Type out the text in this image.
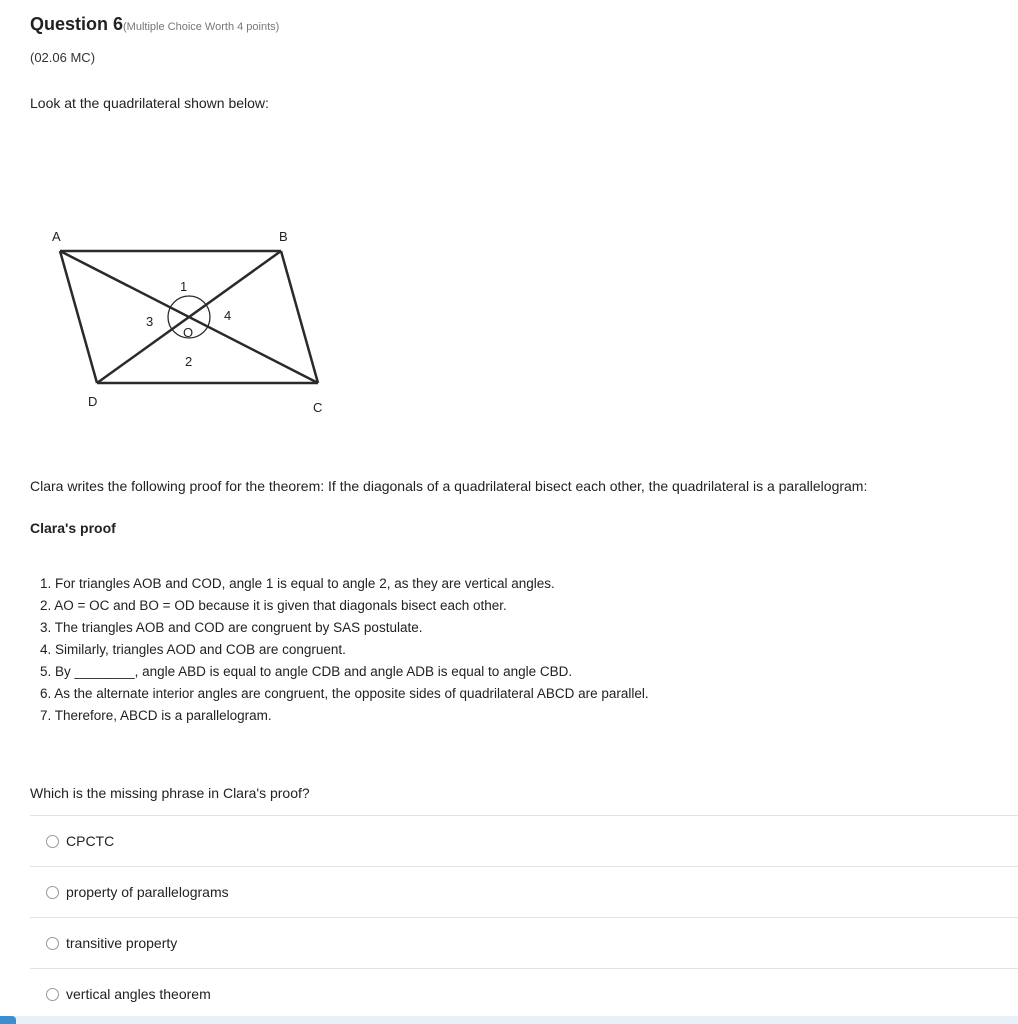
Question 6(Multiple Choice Worth 4 points)
(02.06 MC)
Look at the quadrilateral shown below:
A	B
C
D
O
1
2
3	4
Clara writes the following proof for the theorem: If the diagonals of a quadrilateral bisect each other, the quadrilateral is a parallelogram:
Clara's proof
1. For triangles AOB and COD, angle 1 is equal to angle 2, as they are vertical angles.
2. AO = OC and BO = OD because it is given that diagonals bisect each other.
3. The triangles AOB and COD are congruent by SAS postulate.
4. Similarly, triangles AOD and COB are congruent.
5. By ________, angle ABD is equal to angle CDB and angle ADB is equal to angle CBD.
6. As the alternate interior angles are congruent, the opposite sides of quadrilateral ABCD are parallel.
7. Therefore, ABCD is a parallelogram.
Which is the missing phrase in Clara's proof?
CPCTC
property of parallelograms
transitive property
vertical angles theorem
